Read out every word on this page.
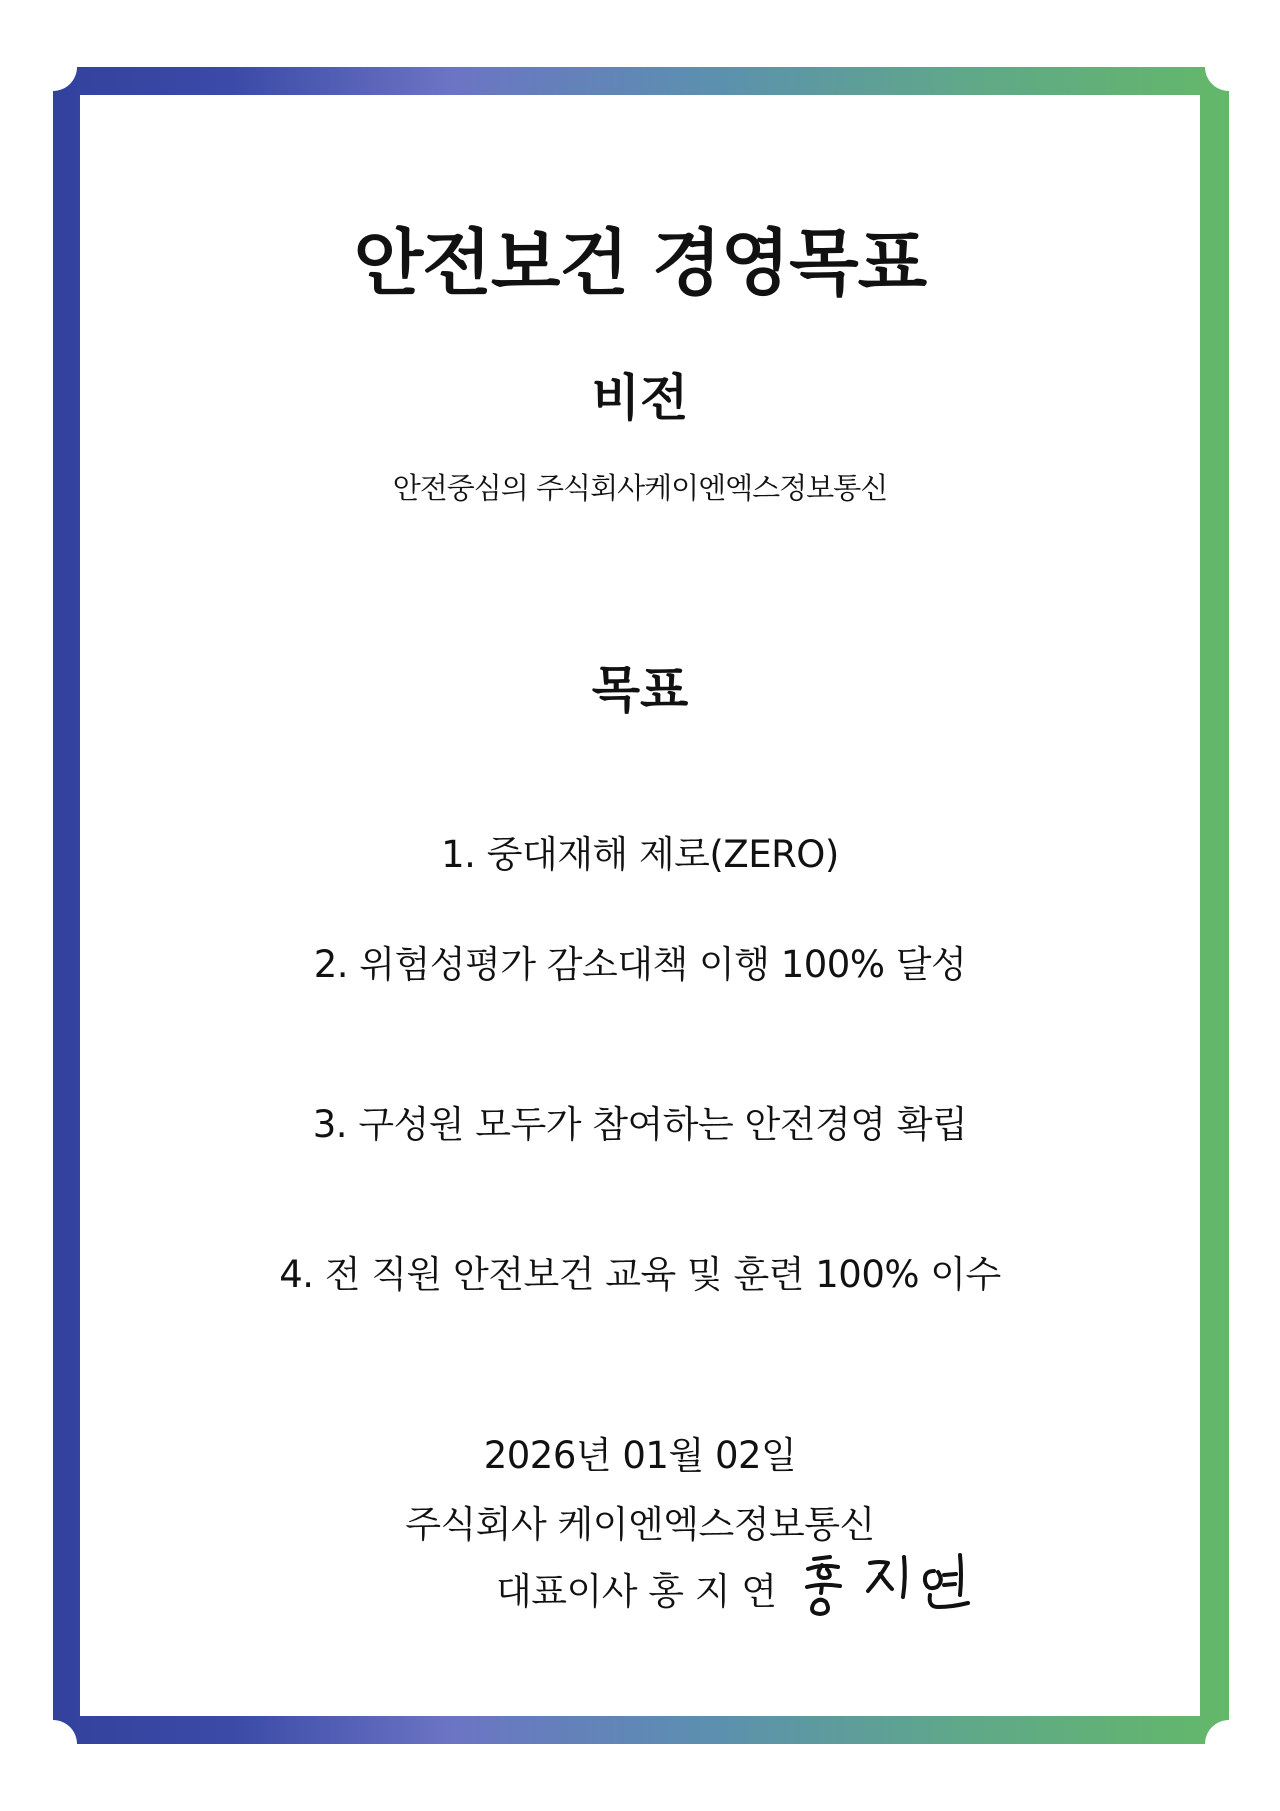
안전보건 경영목표
비전
안전중심의 주식회사케이엔엑스정보통신
목표
1. 중대재해 제로(ZERO)
2. 위험성평가 감소대책 이행 100% 달성
3. 구성원 모두가 참여하는 안전경영 확립
4. 전 직원 안전보건 교육 및 훈련 100% 이수
2026년 01월 02일
주식회사 케이엔엑스정보통신
대표이사 홍 지 연
